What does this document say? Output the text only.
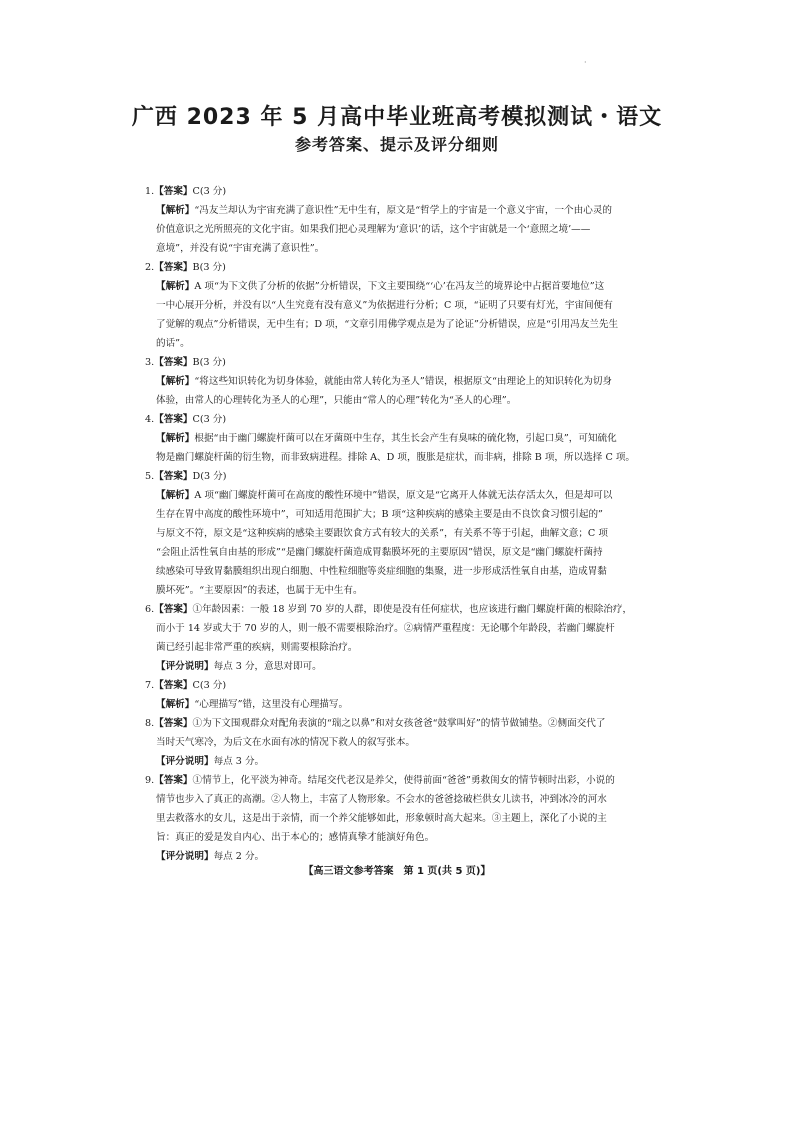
·
广西 2023 年 5 月高中毕业班高考模拟测试・语文
参考答案、提示及评分细则
1.【答案】C(3 分)
【解析】“冯友兰却认为宇宙充满了意识性”无中生有，原文是“哲学上的宇宙是一个意义宇宙，一个由心灵的
价值意识之光所照亮的文化宇宙。如果我们把心灵理解为‘意识’的话，这个宇宙就是一个‘意照之境’——
意境”，并没有说“宇宙充满了意识性”。
2.【答案】B(3 分)
【解析】A 项“为下文供了分析的依据”分析错误，下文主要围绕“‘心’在冯友兰的境界论中占据首要地位”这
一中心展开分析，并没有以“人生究竟有没有意义”为依据进行分析；C 项，“证明了只要有灯光，宇宙间便有
了觉解的观点”分析错误，无中生有；D 项，“文章引用佛学观点是为了论证”分析错误，应是“引用冯友兰先生
的话”。
3.【答案】B(3 分)
【解析】“将这些知识转化为切身体验，就能由常人转化为圣人”错误，根据原文“由理论上的知识转化为切身
体验，由常人的心理转化为圣人的心理”，只能由“常人的心理”转化为“圣人的心理”。
4.【答案】C(3 分)
【解析】根据“由于幽门螺旋杆菌可以在牙菌斑中生存，其生长会产生有臭味的硫化物，引起口臭”，可知硫化
物是幽门螺旋杆菌的衍生物，而非致病进程。排除 A、D 项，腹胀是症状，而非病，排除 B 项，所以选择 C 项。
5.【答案】D(3 分)
【解析】A 项“幽门螺旋杆菌可在高度的酸性环境中”错误，原文是“它离开人体就无法存活太久，但是却可以
生存在胃中高度的酸性环境中”，可知适用范围扩大；B 项“这种疾病的感染主要是由不良饮食习惯引起的”
与原文不符，原文是“这种疾病的感染主要跟饮食方式有较大的关系”，有关系不等于引起，曲解文意；C 项
“会阻止活性氧自由基的形成”“是幽门螺旋杆菌造成胃黏膜坏死的主要原因”错误，原文是“幽门螺旋杆菌持
续感染可导致胃黏膜组织出现白细胞、中性粒细胞等炎症细胞的集聚，进一步形成活性氧自由基，造成胃黏
膜坏死”。“主要原因”的表述，也属于无中生有。
6.【答案】①年龄因素：一般 18 岁到 70 岁的人群，即使是没有任何症状，也应该进行幽门螺旋杆菌的根除治疗，
而小于 14 岁或大于 70 岁的人，则一般不需要根除治疗。②病情严重程度：无论哪个年龄段，若幽门螺旋杆
菌已经引起非常严重的疾病，则需要根除治疗。
【评分说明】每点 3 分，意思对即可。
7.【答案】C(3 分)
【解析】“心理描写”错，这里没有心理描写。
8.【答案】①为下文围观群众对配角表演的“瑞之以鼻”和对女孩爸爸“鼓掌叫好”的情节做铺垫。②侧面交代了
当时天气寒冷，为后文在水面有冰的情况下救人的叙写张本。
【评分说明】每点 3 分。
9.【答案】①情节上，化平淡为神奇。结尾交代老汉是养父，使得前面“爸爸”勇救闺女的情节顿时出彩，小说的
情节也步入了真正的高潮。②人物上，丰富了人物形象。不会水的爸爸捻破栏供女儿读书，冲到冰冷的河水
里去救落水的女儿，这是出于亲情，而一个养父能够如此，形象顿时高大起来。③主题上，深化了小说的主
旨：真正的爱是发自内心、出于本心的；感情真挚才能演好角色。
【评分说明】每点 2 分。
【高三语文参考答案　第 1 页(共 5 页)】
